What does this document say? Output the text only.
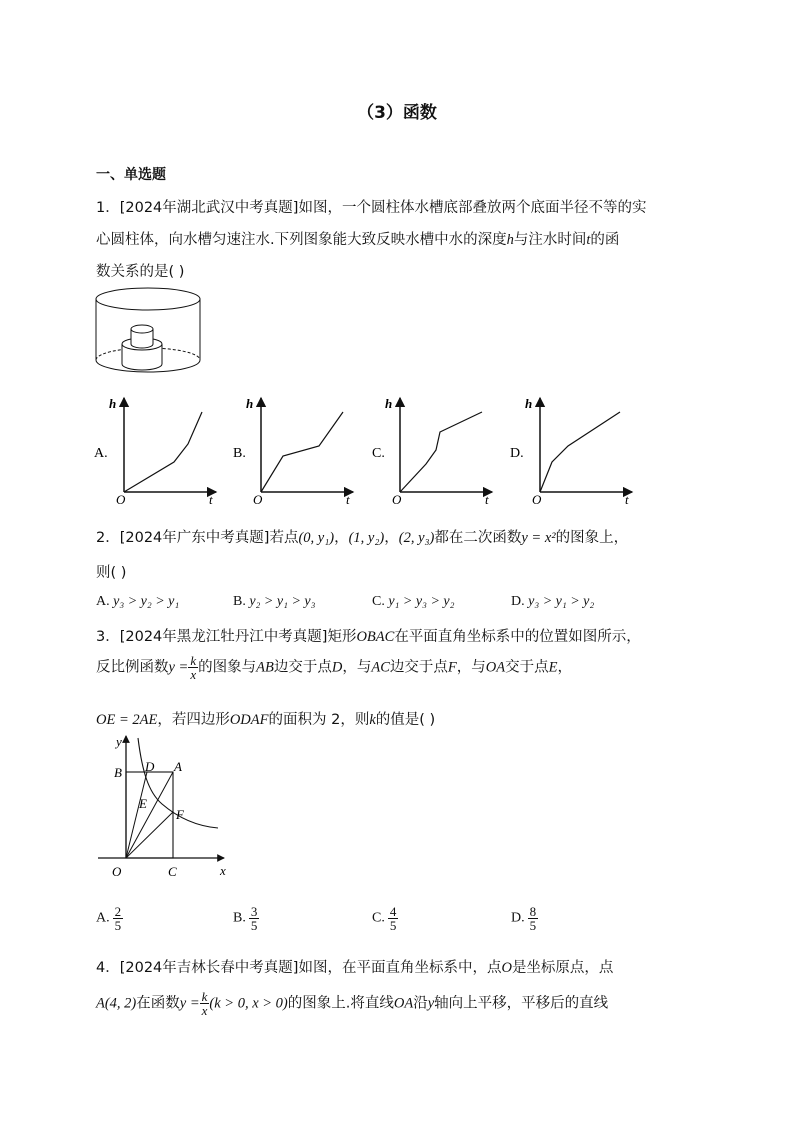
（3）函数
一、单选题
1．[2024年湖北武汉中考真题]如图，一个圆柱体水槽底部叠放两个底面半径不等的实
心圆柱体，向水槽匀速注水.下列图象能大致反映水槽中水的深度h与注水时间t的函
数关系的是( )
A.
h
t
O
B.
h
t
O
C.
h
t
O
D.
h
t
O
2．[2024年广东中考真题]若点(0, y₁)，(1, y₂)，(2, y₃)都在二次函数y = x²的图象上，
则( )
A. y₃ > y₂ > y₁	B. y₂ > y₁ > y₃	C. y₁ > y₃ > y₂	D. y₃ > y₁ > y₂
3．[2024年黑龙江牡丹江中考真题]矩形OBAC在平面直角坐标系中的位置如图所示，
反比例函数$y = \frac{k}{x}$ 的图象与AB边交于点D，与AC边交于点F，与OA交于点E，
OE = 2AE，若四边形ODAF的面积为 2，则k的值是( )
y
x
O
B D A
E
F
C
A. $\frac{2}{5}$	B. $\frac{3}{5}$	C. $\frac{4}{5}$	D. $\frac{8}{5}$
4．[2024年吉林长春中考真题]如图，在平面直角坐标系中，点O是坐标原点，点
A(4, 2)在函数$y = \frac{k}{x} (k > 0$, x > 0)的图象上.将直线OA沿y轴向上平移，平移后的直线
